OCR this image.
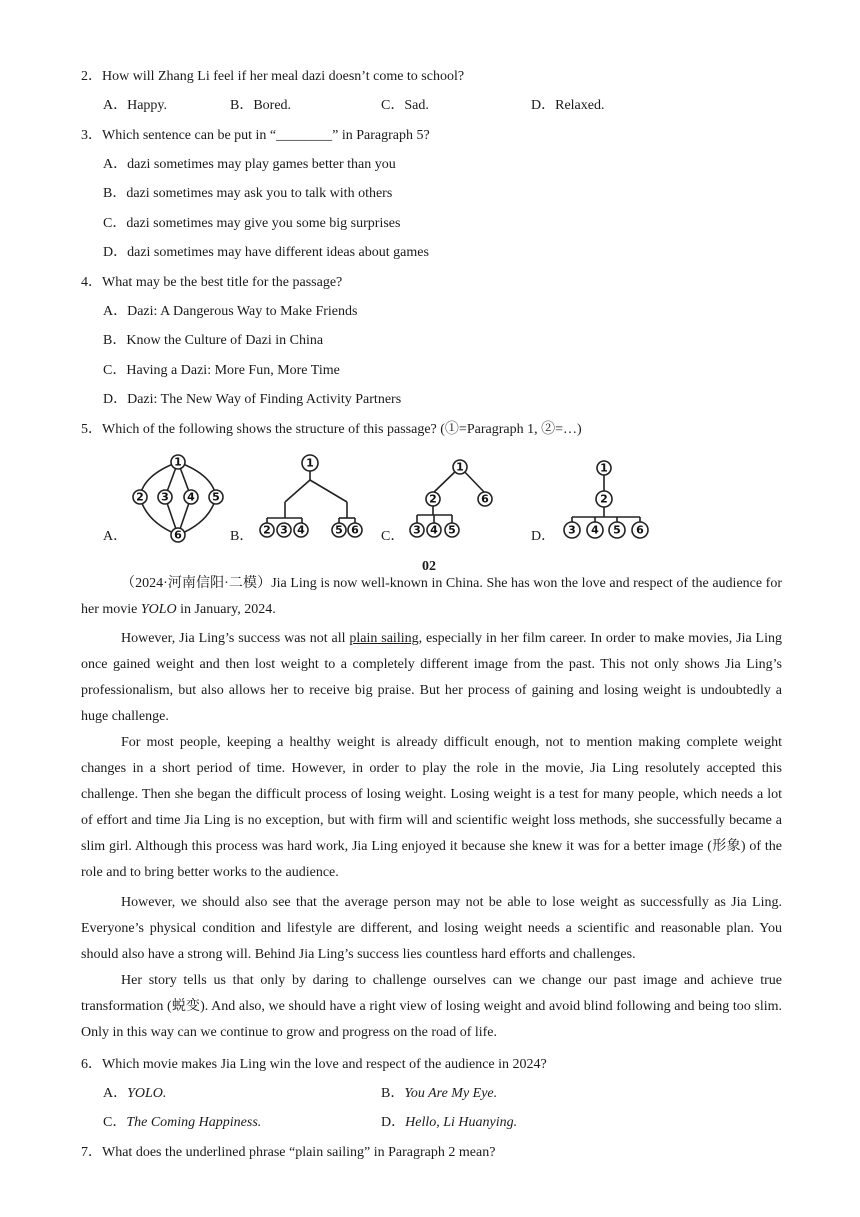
2．How will Zhang Li feel if her meal dazi doesn’t come to school?
A．Happy.	B．Bored.	C．Sad.	D．Relaxed.
3．Which sentence can be put in “________” in Paragraph 5?
A．dazi sometimes may play games better than you
B．dazi sometimes may ask you to talk with others
C．dazi sometimes may give you some big surprises
D．dazi sometimes may have different ideas about games
4．What may be the best title for the passage?
A．Dazi: A Dangerous Way to Make Friends
B．Know the Culture of Dazi in China
C．Having a Dazi: More Fun, More Time
D．Dazi: The New Way of Finding Activity Partners
5．Which of the following shows the structure of this passage? (①=Paragraph 1, ②=…)
A．	B．	C．	D．
1
2 3 4 5
6
1
2 3 4	5 6
1
2	6
3 4 5
1
2
3 4 5 6
02
（2024·河南信阳·二模）Jia Ling is now well-known in China. She has won the love and respect of the audience for her movie YOLO in January, 2024.
However, Jia Ling’s success was not all plain sailing, especially in her film career. In order to make movies, Jia Ling once gained weight and then lost weight to a completely different image from the past. This not only shows Jia Ling’s professionalism, but also allows her to receive big praise. But her process of gaining and losing weight is undoubtedly a huge challenge.
For most people, keeping a healthy weight is already difficult enough, not to mention making complete weight changes in a short period of time. However, in order to play the role in the movie, Jia Ling resolutely accepted this challenge. Then she began the difficult process of losing weight. Losing weight is a test for many people, which needs a lot of effort and time Jia Ling is no exception, but with firm will and scientific weight loss methods, she successfully became a slim girl. Although this process was hard work, Jia Ling enjoyed it because she knew it was for a better image (形象) of the role and to bring better works to the audience.
However, we should also see that the average person may not be able to lose weight as successfully as Jia Ling. Everyone’s physical condition and lifestyle are different, and losing weight needs a scientific and reasonable plan. You should also have a strong will. Behind Jia Ling’s success lies countless hard efforts and challenges.
Her story tells us that only by daring to challenge ourselves can we change our past image and achieve true transformation (蜕变). And also, we should have a right view of losing weight and avoid blind following and being too slim. Only in this way can we continue to grow and progress on the road of life.
6．Which movie makes Jia Ling win the love and respect of the audience in 2024?
A．YOLO.	B．You Are My Eye.
C．The Coming Happiness.	D．Hello, Li Huanying.
7．What does the underlined phrase “plain sailing” in Paragraph 2 mean?
